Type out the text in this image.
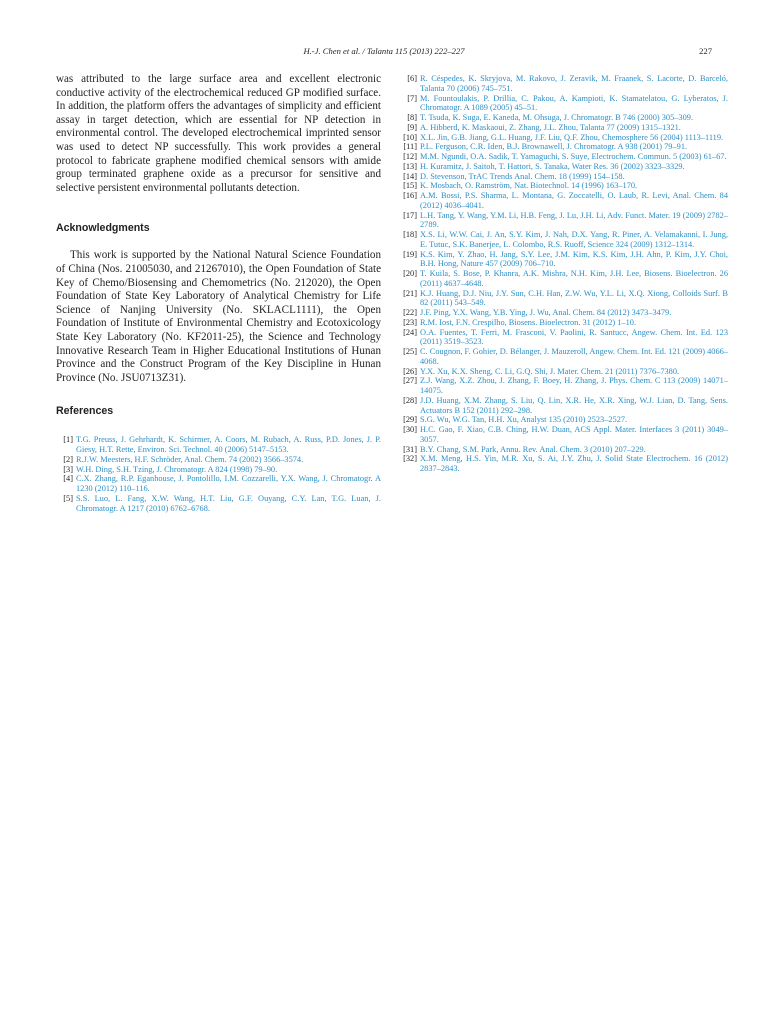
H.-J. Chen et al. / Talanta 115 (2013) 222–227	227

was attributed to the large surface area and excellent electronic conductive activity of the electrochemical reduced GP modified surface. In addition, the platform offers the advantages of simplicity and efficient assay in target detection, which are essential for NP detection in environmental control. The developed electrochemical imprinted sensor was used to detect NP successfully. This work provides a general protocol to fabricate graphene modified chemical sensors with amide group terminated graphene oxide as a precursor for sensitive and selective persistent environmental pollutants detection.

Acknowledgments

This work is supported by the National Natural Science Foundation of China (Nos. 21005030, and 21267010), the Open Foundation of State Key of Chemo/Biosensing and Chemometrics (No. 212020), the Open Foundation of State Key Laboratory of Analytical Chemistry for Life Science of Nanjing University (No. SKLACL1111), the Open Foundation of Institute of Environmental Chemistry and Ecotoxicology State Key Laboratory (No. KF2011-25), the Science and Technology Innovative Research Team in Higher Educational Institutions of Hunan Province and the Construct Program of the Key Discipline in Hunan Province (No. JSU0713Z31).

References
[1] T.G. Preuss, J. Gehrhardt, K. Schirmer, A. Coors, M. Rubach, A. Russ, P.D. Jones, J. P. Giesy, H.T. Rette, Environ. Sci. Technol. 40 (2006) 5147–5153.
[2] R.J.W. Meesters, H.F. Schröder, Anal. Chem. 74 (2002) 3566–3574.
[3] W.H. Ding, S.H. Tzing, J. Chromatogr. A 824 (1998) 79–90.
[4] C.X. Zhang, R.P. Eganhouse, J. Pontolillo, I.M. Cozzarelli, Y.X. Wang, J. Chromatogr. A 1230 (2012) 110–116.
[5] S.S. Luo, L. Fang, X.W. Wang, H.T. Liu, G.F. Ouyang, C.Y. Lan, T.G. Luan, J. Chromatogr. A 1217 (2010) 6762–6768.
[6] R. Céspedes, K. Skryjova, M. Rakovo, J. Zeravik, M. Fraanek, S. Lacorte, D. Barceló, Talanta 70 (2006) 745–751.
[7] M. Fountoulakis, P. Drillia, C. Pakou, A. Kampioti, K. Stamatelatou, G. Lyberatos, J. Chromatogr. A 1089 (2005) 45–51.
[8] T. Tsuda, K. Suga, E. Kaneda, M. Ohsuga, J. Chromatogr. B 746 (2000) 305–309.
[9] A. Hibberd, K. Maskaoui, Z. Zhang, J.L. Zhou, Talanta 77 (2009) 1315–1321.
[10] X.L. Jin, G.B. Jiang, G.L. Huang, J.F. Liu, Q.F. Zhou, Chemosphere 56 (2004) 1113–1119.
[11] P.L. Ferguson, C.R. Iden, B.J. Brownawell, J. Chromatogr. A 938 (2001) 79–91.
[12] M.M. Ngundi, O.A. Sadik, T. Yamaguchi, S. Suye, Electrochem. Commun. 5 (2003) 61–67.
[13] H. Kuramitz, J. Saitoh, T. Hattori, S. Tanaka, Water Res. 36 (2002) 3323–3329.
[14] D. Stevenson, TrAC Trends Anal. Chem. 18 (1999) 154–158.
[15] K. Mosbach, O. Ramström, Nat. Biotechnol. 14 (1996) 163–170.
[16] A.M. Bossi, P.S. Sharma, L. Montana, G. Zoccatelli, O. Laub, R. Levi, Anal. Chem. 84 (2012) 4036–4041.
[17] L.H. Tang, Y. Wang, Y.M. Li, H.B. Feng, J. Lu, J.H. Li, Adv. Funct. Mater. 19 (2009) 2782–2789.
[18] X.S. Li, W.W. Cai, J. An, S.Y. Kim, J. Nah, D.X. Yang, R. Piner, A. Velamakanni, I. Jung, E. Tutuc, S.K. Banerjee, L. Colombo, R.S. Ruoff, Science 324 (2009) 1312–1314.
[19] K.S. Kim, Y. Zhao, H. Jang, S.Y. Lee, J.M. Kim, K.S. Kim, J.H. Ahn, P. Kim, J.Y. Choi, B.H. Hong, Nature 457 (2009) 706–710.
[20] T. Kuila, S. Bose, P. Khanra, A.K. Mishra, N.H. Kim, J.H. Lee, Biosens. Bioelectron. 26 (2011) 4637–4648.
[21] K.J. Huang, D.J. Niu, J.Y. Sun, C.H. Han, Z.W. Wu, Y.L. Li, X.Q. Xiong, Colloids Surf. B 82 (2011) 543–549.
[22] J.F. Ping, Y.X. Wang, Y.B. Ying, J. Wu, Anal. Chem. 84 (2012) 3473–3479.
[23] R.M. Iost, F.N. Crespilho, Biosens. Bioelectron. 31 (2012) 1–10.
[24] O.A. Fuentes, T. Ferri, M. Frasconi, V. Paolini, R. Santucc, Angew. Chem. Int. Ed. 123 (2011) 3519–3523.
[25] C. Cougnon, F. Gohier, D. Bélanger, J. Mauzeroll, Angew. Chem. Int. Ed. 121 (2009) 4066–4068.
[26] Y.X. Xu, K.X. Sheng, C. Li, G.Q. Shi, J. Mater. Chem. 21 (2011) 7376–7380.
[27] Z.J. Wang, X.Z. Zhou, J. Zhang, F. Boey, H. Zhang, J. Phys. Chem. C 113 (2009) 14071–14075.
[28] J.D. Huang, X.M. Zhang, S. Liu, Q. Lin, X.R. He, X.R. Xing, W.J. Lian, D. Tang, Sens. Actuators B 152 (2011) 292–298.
[29] S.G. Wu, W.G. Tan, H.H. Xu, Analyst 135 (2010) 2523–2527.
[30] H.C. Gao, F. Xiao, C.B. Ching, H.W. Duan, ACS Appl. Mater. Interfaces 3 (2011) 3049–3057.
[31] B.Y. Chang, S.M. Park, Annu. Rev. Anal. Chem. 3 (2010) 207–229.
[32] X.M. Meng, H.S. Yin, M.R. Xu, S. Ai, J.Y. Zhu, J. Solid State Electrochem. 16 (2012) 2837–2843.
